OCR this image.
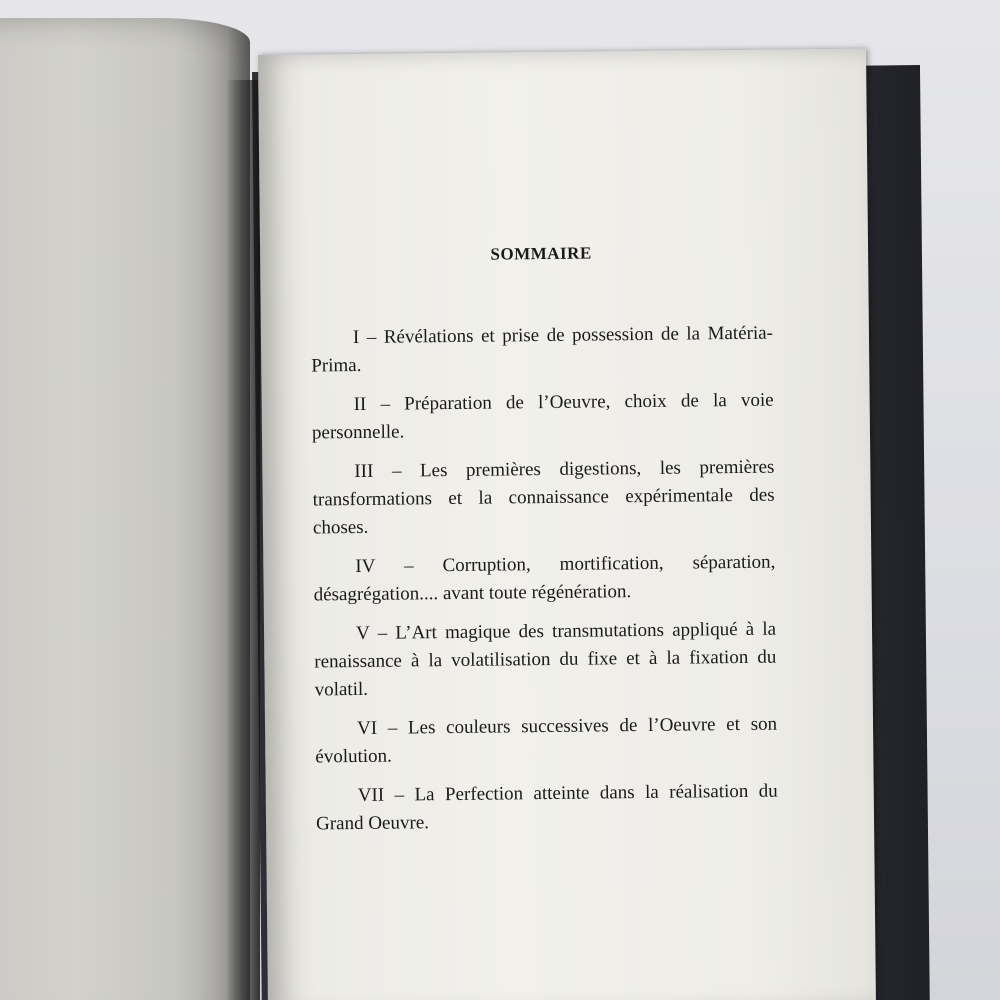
SOMMAIRE
I – Révélations et prise de possession de la Matéria-Prima.
II – Préparation de l’Oeuvre, choix de la voie personnelle.
III – Les premières digestions, les premières transformations et la connaissance expérimentale des choses.
IV – Corruption, mortification, séparation, désagrégation.... avant toute régénération.
V – L’Art magique des transmutations appliqué à la renaissance à la volatilisation du fixe et à la fixation du volatil.
VI – Les couleurs successives de l’Oeuvre et son évolution.
VII – La Perfection atteinte dans la réalisation du Grand Oeuvre.
